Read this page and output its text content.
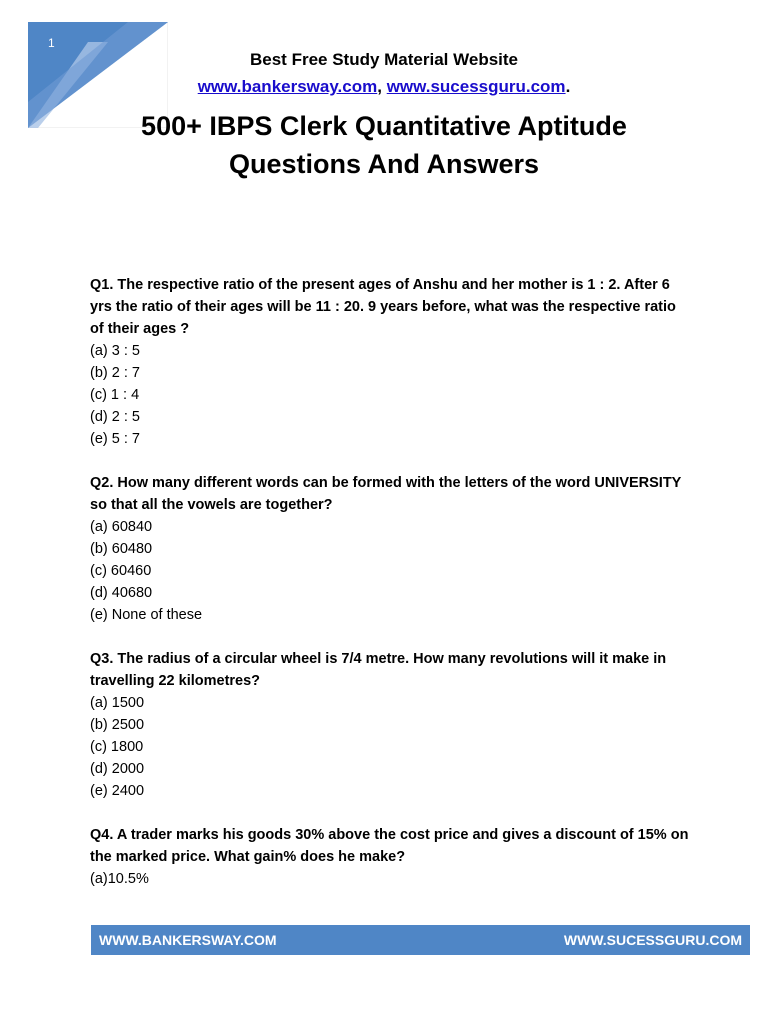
1
Best Free Study Material Website
www.bankersway.com, www.sucessguru.com.
500+ IBPS Clerk Quantitative Aptitude
Questions And Answers
Q1. The respective ratio of the present ages of Anshu and her mother is 1 : 2. After 6 yrs the ratio of their ages will be 11 : 20. 9 years before, what was the respective ratio of their ages ?
(a) 3 : 5
(b) 2 : 7
(c) 1 : 4
(d) 2 : 5
(e) 5 : 7
Q2. How many different words can be formed with the letters of the word UNIVERSITY so that all the vowels are together?
(a) 60840
(b) 60480
(c) 60460
(d) 40680
(e) None of these
Q3. The radius of a circular wheel is 7/4 metre. How many revolutions will it make in travelling 22 kilometres?
(a) 1500
(b) 2500
(c) 1800
(d) 2000
(e) 2400
Q4. A trader marks his goods 30% above the cost price and gives a discount of 15% on the marked price. What gain% does he make?
(a)10.5%
WWW.BANKERSWAY.COM	WWW.SUCESSGURU.COM
